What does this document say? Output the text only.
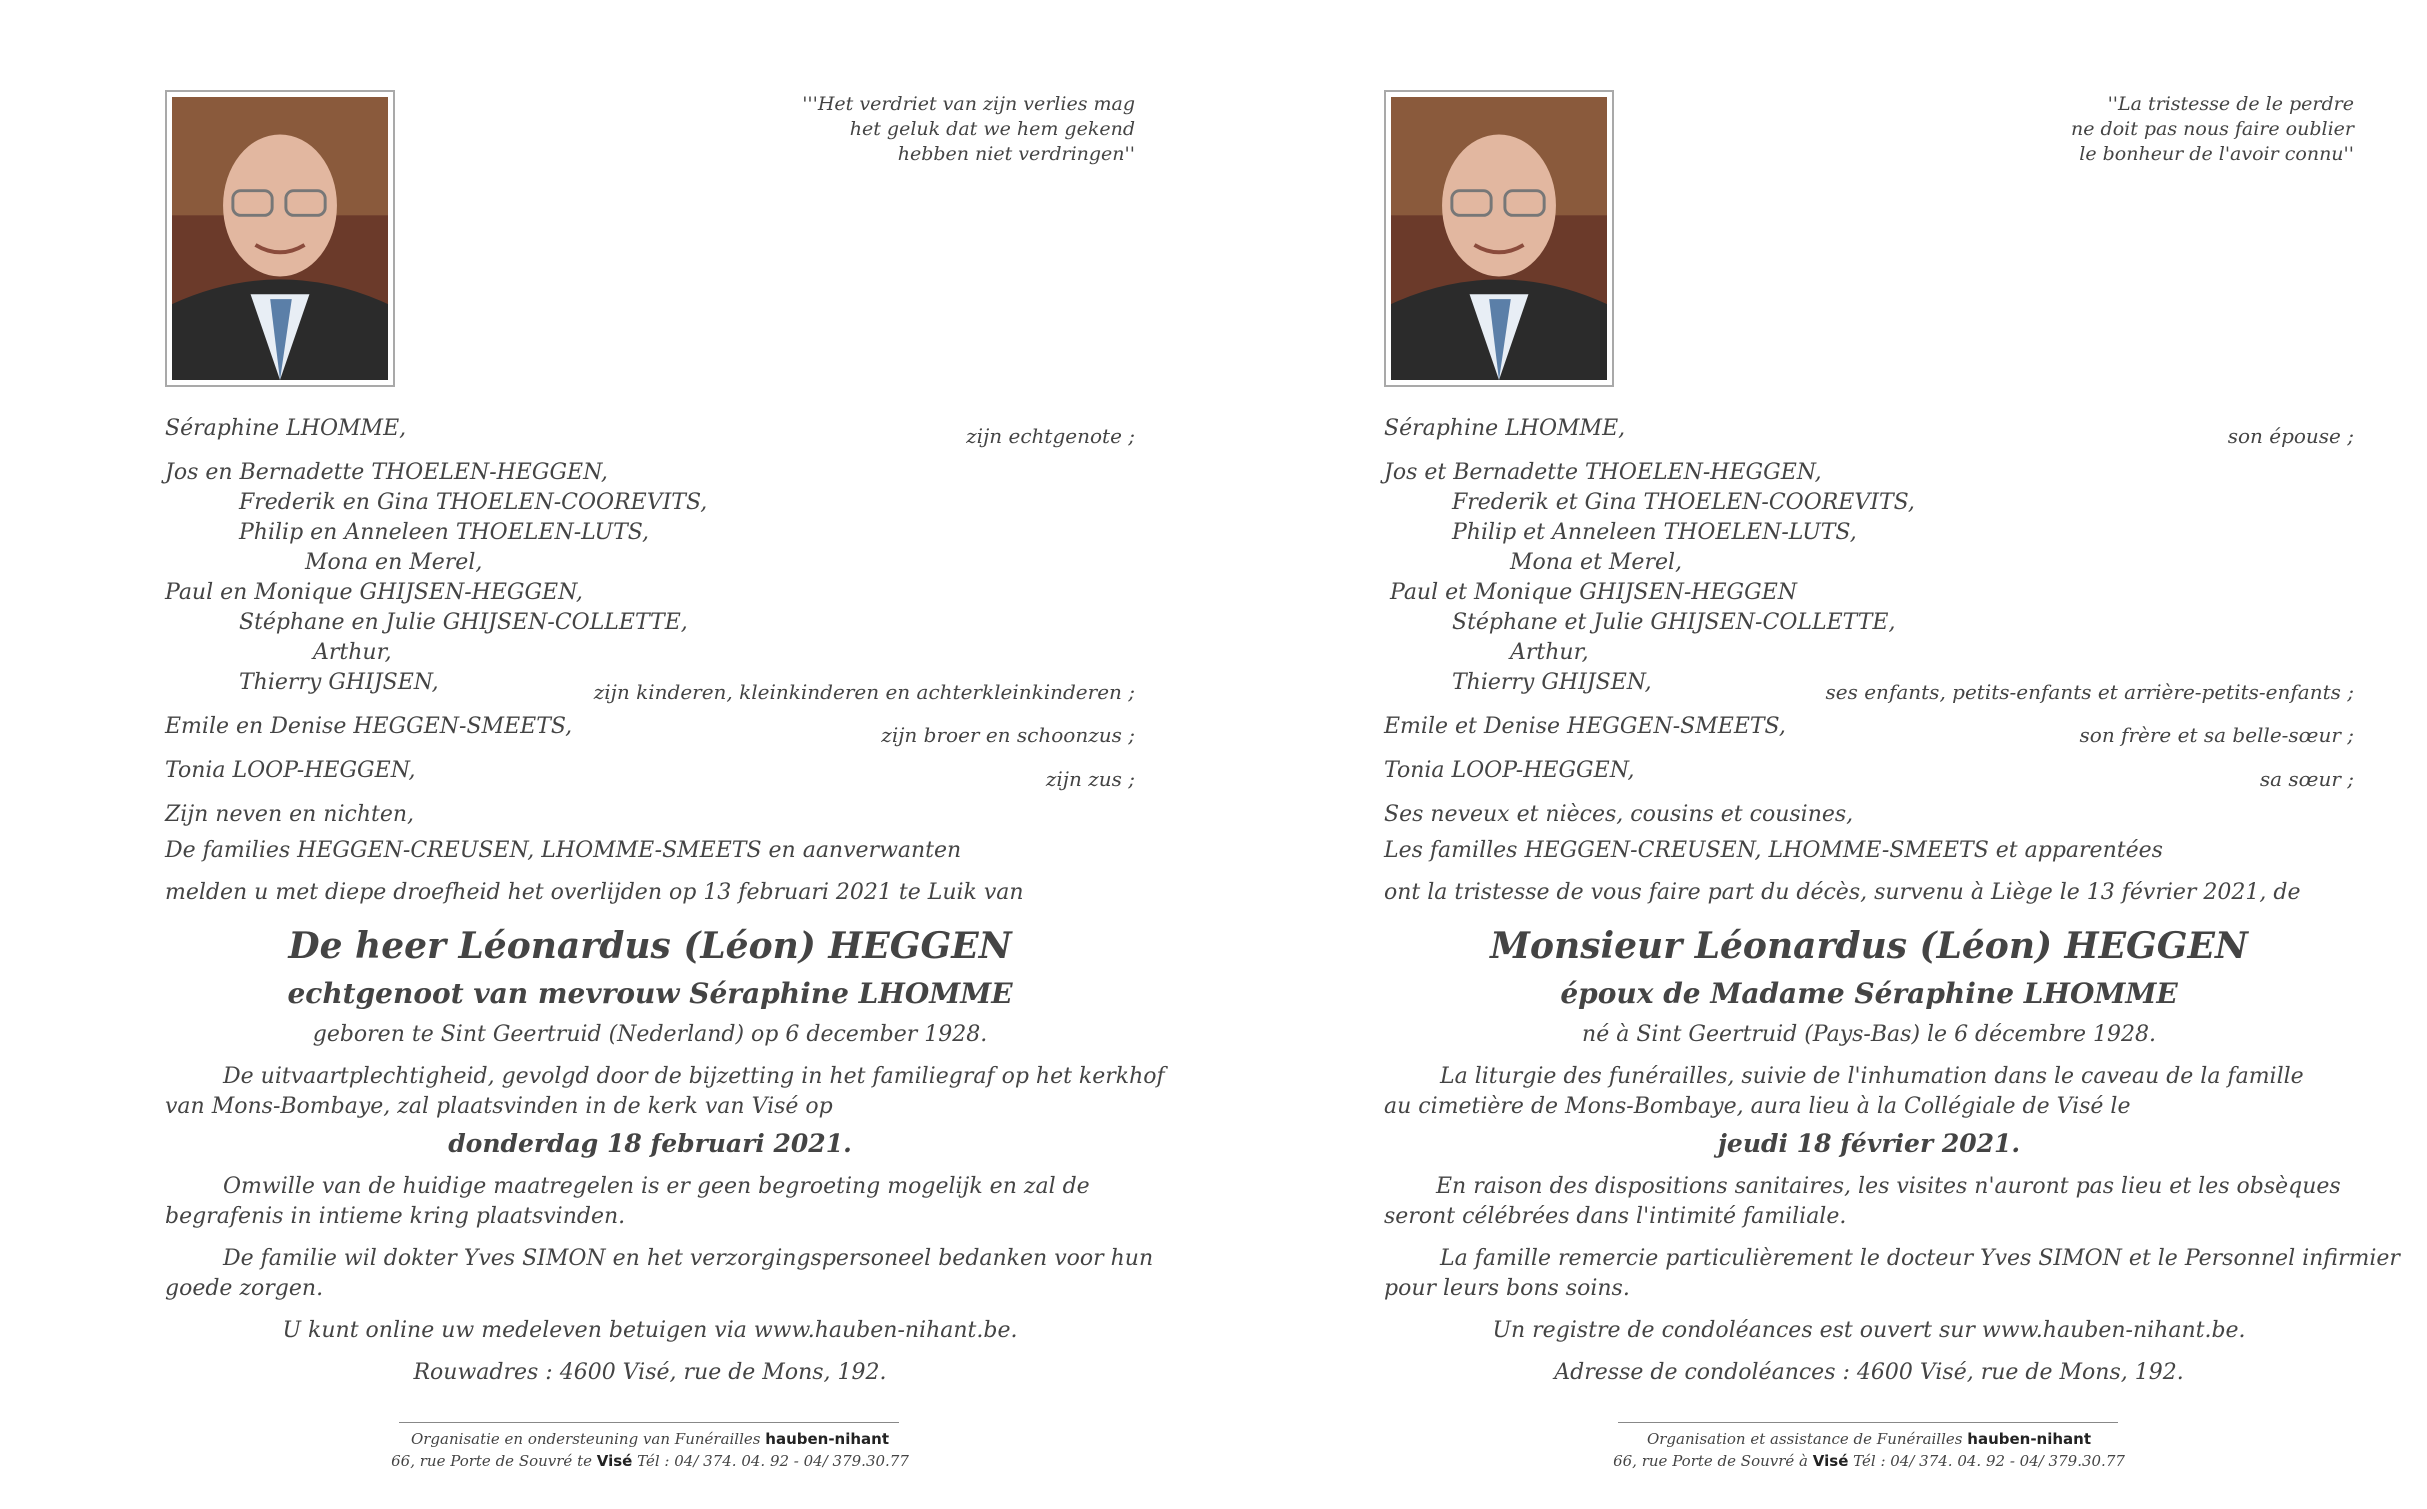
'''Het verdriet van zijn verlies mag
het geluk dat we hem gekend
hebben niet verdringen''
Séraphine LHOMME,	zijn echtgenote ;
Jos en Bernadette THOELEN-HEGGEN,
Frederik en Gina THOELEN-COOREVITS,
Philip en Anneleen THOELEN-LUTS,
Mona en Merel,
Paul en Monique GHIJSEN-HEGGEN,
Stéphane en Julie GHIJSEN-COLLETTE,
Arthur,
Thierry GHIJSEN,	zijn kinderen, kleinkinderen en achterkleinkinderen ;
Emile en Denise HEGGEN-SMEETS,	zijn broer en schoonzus ;
Tonia LOOP-HEGGEN,	zijn zus ;
Zijn neven en nichten,
De families HEGGEN-CREUSEN, LHOMME-SMEETS en aanverwanten
melden u met diepe droefheid het overlijden op 13 februari 2021 te Luik van
De heer Léonardus (Léon) HEGGEN
echtgenoot van mevrouw Séraphine LHOMME
geboren te Sint Geertruid (Nederland) op 6 december 1928.
De uitvaartplechtigheid, gevolgd door de bijzetting in het familiegraf op het kerkhof
van Mons-Bombaye, zal plaatsvinden in de kerk van Visé op
donderdag 18 februari 2021.
Omwille van de huidige maatregelen is er geen begroeting mogelijk en zal de
begrafenis in intieme kring plaatsvinden.
De familie wil dokter Yves SIMON en het verzorgingspersoneel bedanken voor hun
goede zorgen.
U kunt online uw medeleven betuigen via www.hauben-nihant.be.
Rouwadres : 4600 Visé, rue de Mons, 192.
Organisatie en ondersteuning van Funérailles hauben-nihant
66, rue Porte de Souvré te Visé Tél : 04/ 374. 04. 92 - 04/ 379.30.77
''La tristesse de le perdre
ne doit pas nous faire oublier
le bonheur de l'avoir connu''
Séraphine LHOMME,	son épouse ;
Jos et Bernadette THOELEN-HEGGEN,
Frederik et Gina THOELEN-COOREVITS,
Philip et Anneleen THOELEN-LUTS,
Mona et Merel,
Paul et Monique GHIJSEN-HEGGEN
Stéphane et Julie GHIJSEN-COLLETTE,
Arthur,
Thierry GHIJSEN,	ses enfants, petits-enfants et arrière-petits-enfants ;
Emile et Denise HEGGEN-SMEETS,	son frère et sa belle-sœur ;
Tonia LOOP-HEGGEN,	sa sœur ;
Ses neveux et nièces, cousins et cousines,
Les familles HEGGEN-CREUSEN, LHOMME-SMEETS et apparentées
ont la tristesse de vous faire part du décès, survenu à Liège le 13 février 2021, de
Monsieur Léonardus (Léon) HEGGEN
époux de Madame Séraphine LHOMME
né à Sint Geertruid (Pays-Bas) le 6 décembre 1928.
La liturgie des funérailles, suivie de l'inhumation dans le caveau de la famille
au cimetière de Mons-Bombaye, aura lieu à la Collégiale de Visé le
jeudi 18 février 2021.
En raison des dispositions sanitaires, les visites n'auront pas lieu et les obsèques
seront célébrées dans l'intimité familiale.
La famille remercie particulièrement le docteur Yves SIMON et le Personnel infirmier
pour leurs bons soins.
Un registre de condoléances est ouvert sur www.hauben-nihant.be.
Adresse de condoléances : 4600 Visé, rue de Mons, 192.
Organisation et assistance de Funérailles hauben-nihant
66, rue Porte de Souvré à Visé Tél : 04/ 374. 04. 92 - 04/ 379.30.77
